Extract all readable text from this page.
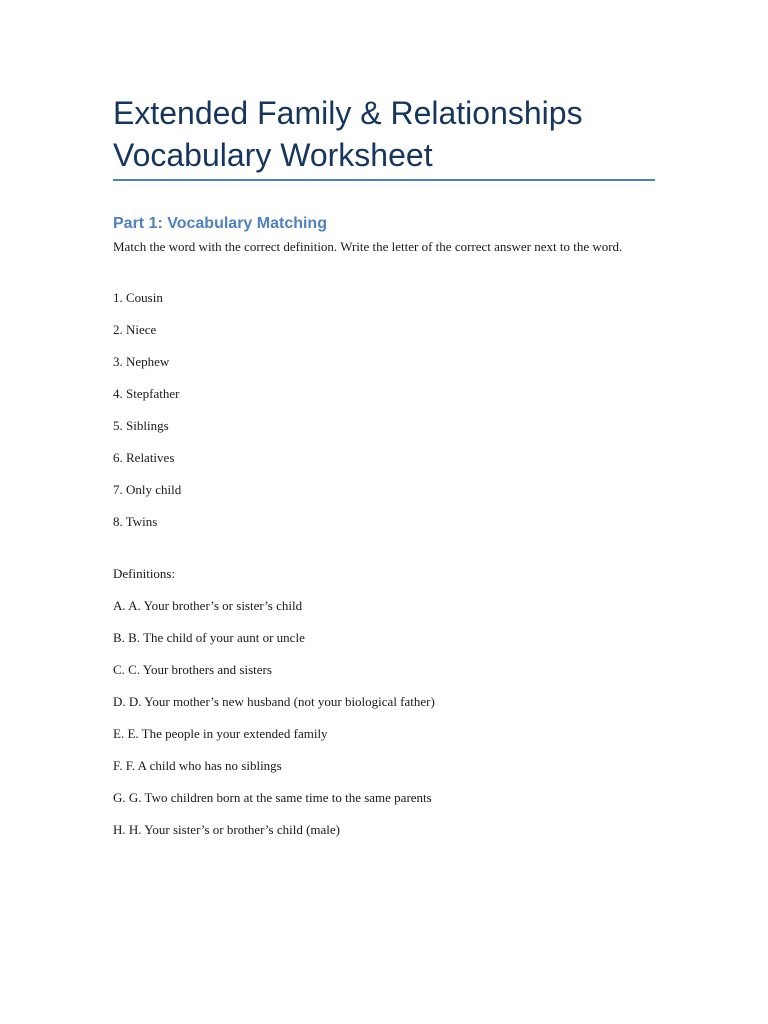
Extended Family & Relationships
Vocabulary Worksheet
Part 1: Vocabulary Matching

Match the word with the correct definition. Write the letter of the correct answer next to the word.

1. Cousin

2. Niece

3. Nephew

4. Stepfather

5. Siblings

6. Relatives

7. Only child

8. Twins

Definitions:

A. A. Your brother’s or sister’s child

B. B. The child of your aunt or uncle

C. C. Your brothers and sisters

D. D. Your mother’s new husband (not your biological father)

E. E. The people in your extended family

F. F. A child who has no siblings

G. G. Two children born at the same time to the same parents

H. H. Your sister’s or brother’s child (male)
